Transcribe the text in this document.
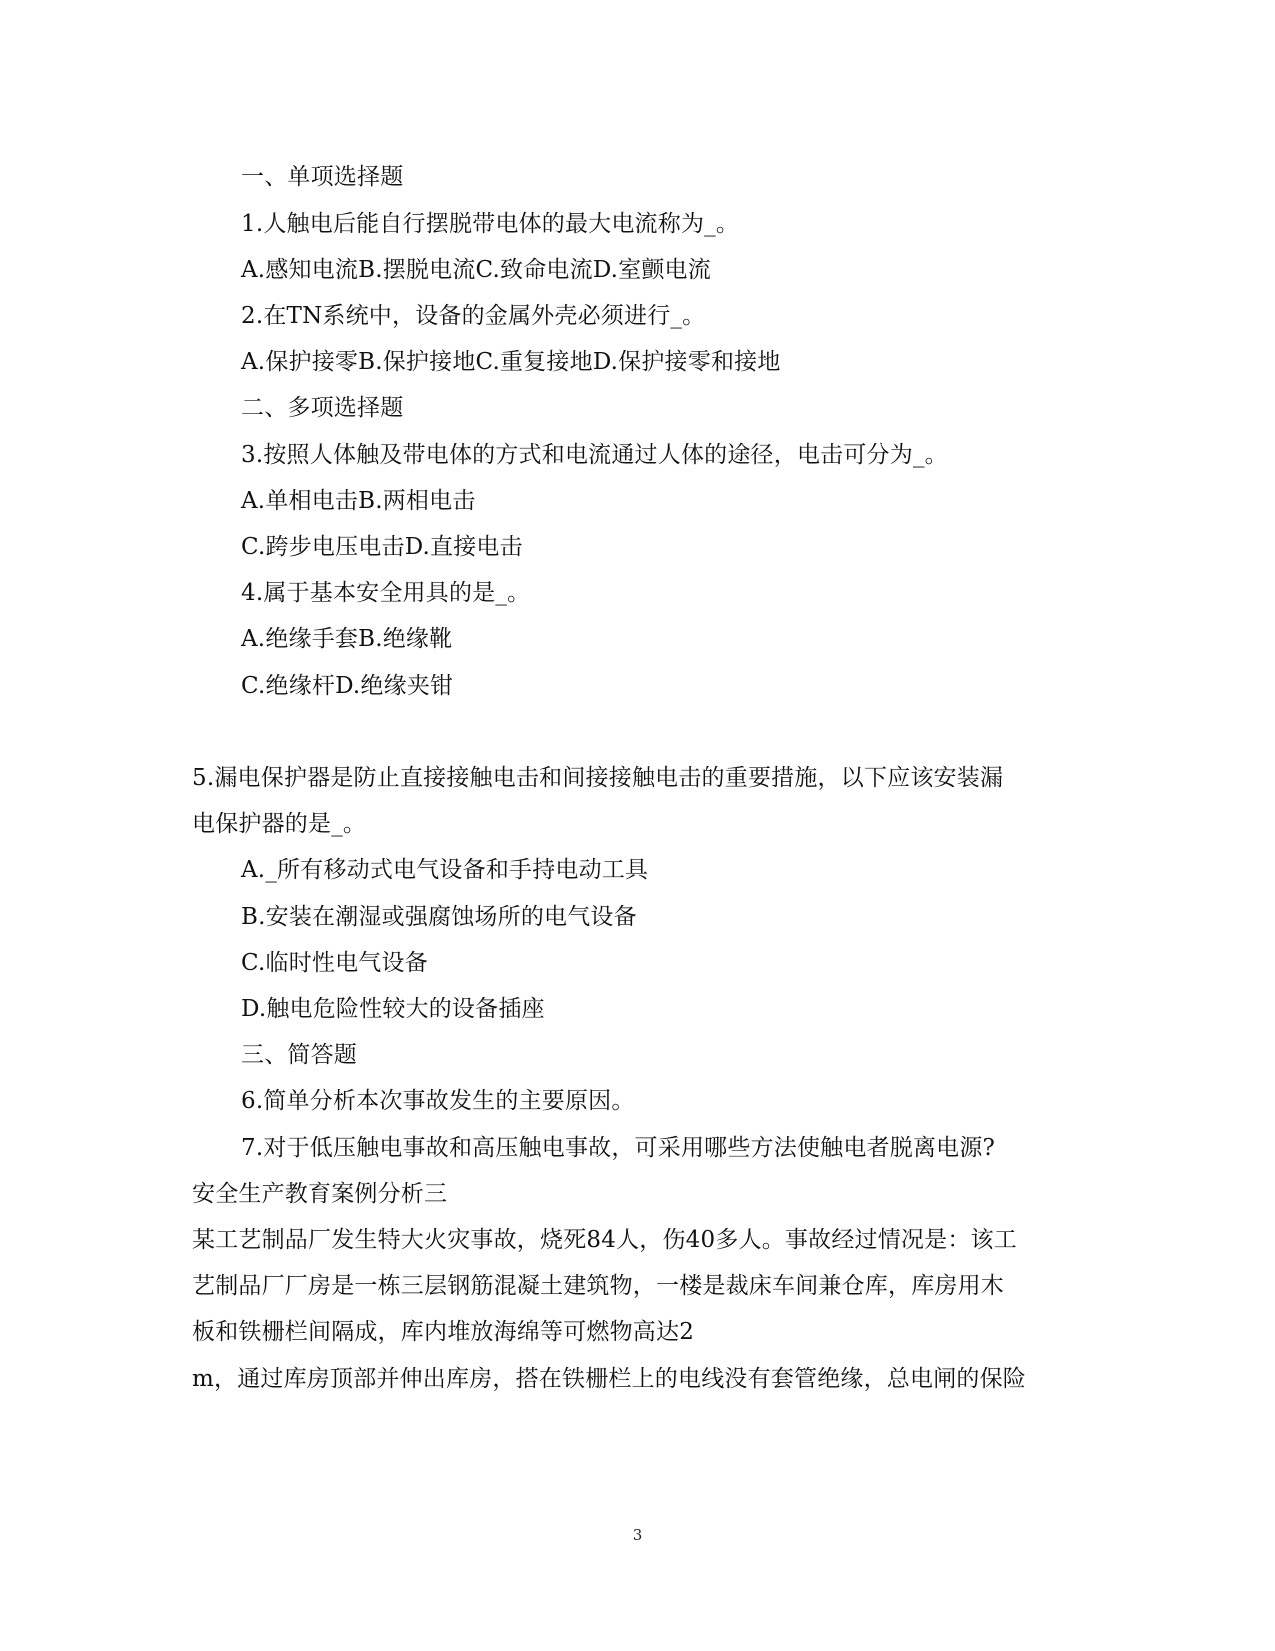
一、单项选择题
1.人触电后能自行摆脱带电体的最大电流称为_。
A.感知电流B.摆脱电流C.致命电流D.室颤电流
2.在TN系统中，设备的金属外壳必须进行_。
A.保护接零B.保护接地C.重复接地D.保护接零和接地
二、多项选择题
3.按照人体触及带电体的方式和电流通过人体的途径，电击可分为_。
A.单相电击B.两相电击
C.跨步电压电击D.直接电击
4.属于基本安全用具的是_。
A.绝缘手套B.绝缘靴
C.绝缘杆D.绝缘夹钳
5.漏电保护器是防止直接接触电击和间接接触电击的重要措施，以下应该安装漏
电保护器的是_。
A._所有移动式电气设备和手持电动工具
B.安装在潮湿或强腐蚀场所的电气设备
C.临时性电气设备
D.触电危险性较大的设备插座
三、简答题
6.简单分析本次事故发生的主要原因。
7.对于低压触电事故和高压触电事故，可采用哪些方法使触电者脱离电源?
安全生产教育案例分析三
某工艺制品厂发生特大火灾事故，烧死84人，伤40多人。事故经过情况是：该工
艺制品厂厂房是一栋三层钢筋混凝土建筑物，一楼是裁床车间兼仓库，库房用木
板和铁栅栏间隔成，库内堆放海绵等可燃物高达2
m，通过库房顶部并伸出库房，搭在铁栅栏上的电线没有套管绝缘，总电闸的保险
3
